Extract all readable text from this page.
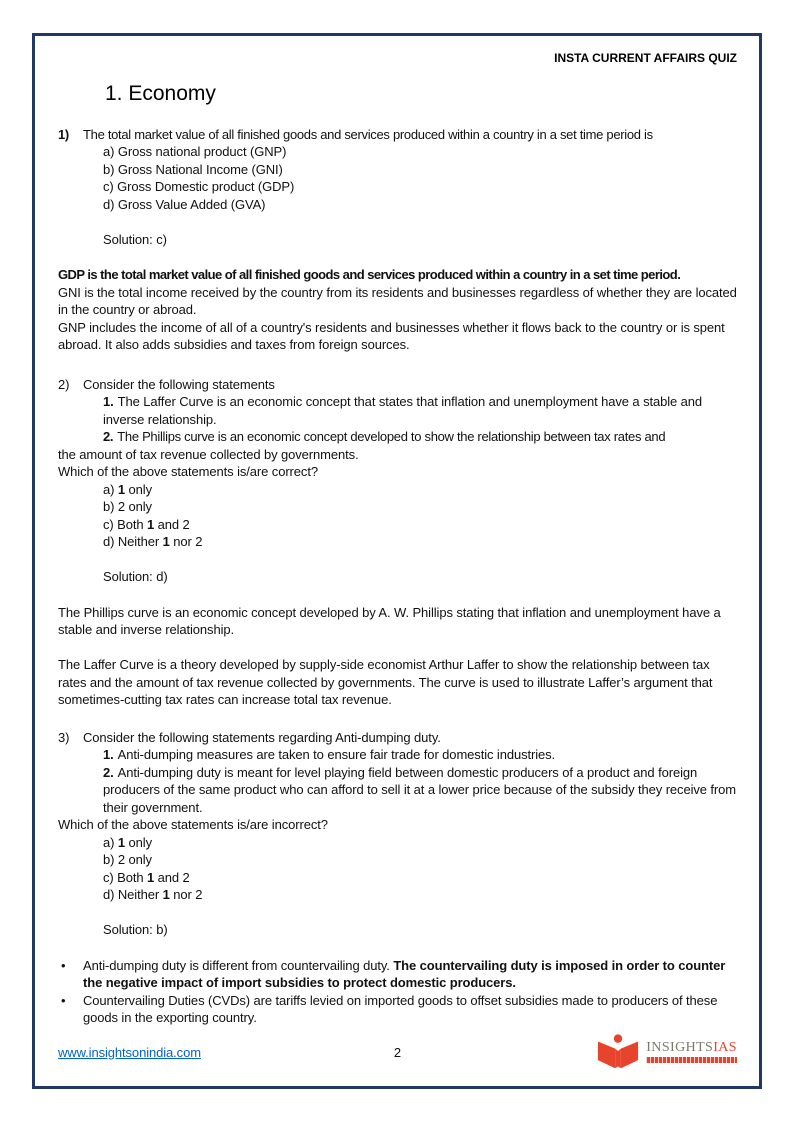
INSTA CURRENT AFFAIRS QUIZ
1. Economy
1) The total market value of all finished goods and services produced within a country in a set time period is
a) Gross national product (GNP)
b) Gross National Income (GNI)
c) Gross Domestic product (GDP)
d) Gross Value Added (GVA)
Solution: c)
GDP is the total market value of all finished goods and services produced within a country in a set time period.
GNI is the total income received by the country from its residents and businesses regardless of whether they are located in the country or abroad.
GNP includes the income of all of a country's residents and businesses whether it flows back to the country or is spent abroad. It also adds subsidies and taxes from foreign sources.
2) Consider the following statements
1. The Laffer Curve is an economic concept that states that inflation and unemployment have a stable and inverse relationship.
2. The Phillips curve is an economic concept developed to show the relationship between tax rates and
the amount of tax revenue collected by governments.
Which of the above statements is/are correct?
a) 1 only
b) 2 only
c) Both 1 and 2
d) Neither 1 nor 2
Solution: d)
The Phillips curve is an economic concept developed by A. W. Phillips stating that inflation and unemployment have a stable and inverse relationship.
The Laffer Curve is a theory developed by supply-side economist Arthur Laffer to show the relationship between tax rates and the amount of tax revenue collected by governments. The curve is used to illustrate Laffer’s argument that sometimes-cutting tax rates can increase total tax revenue.
3) Consider the following statements regarding Anti-dumping duty.
1. Anti-dumping measures are taken to ensure fair trade for domestic industries.
2. Anti-dumping duty is meant for level playing field between domestic producers of a product and foreign producers of the same product who can afford to sell it at a lower price because of the subsidy they receive from their government.
Which of the above statements is/are incorrect?
a) 1 only
b) 2 only
c) Both 1 and 2
d) Neither 1 nor 2
Solution: b)
• Anti-dumping duty is different from countervailing duty. The countervailing duty is imposed in order to counter the negative impact of import subsidies to protect domestic producers.
• Countervailing Duties (CVDs) are tariffs levied on imported goods to offset subsidies made to producers of these goods in the exporting country.
www.insightsonindia.com	2	INSIGHTSIAS
